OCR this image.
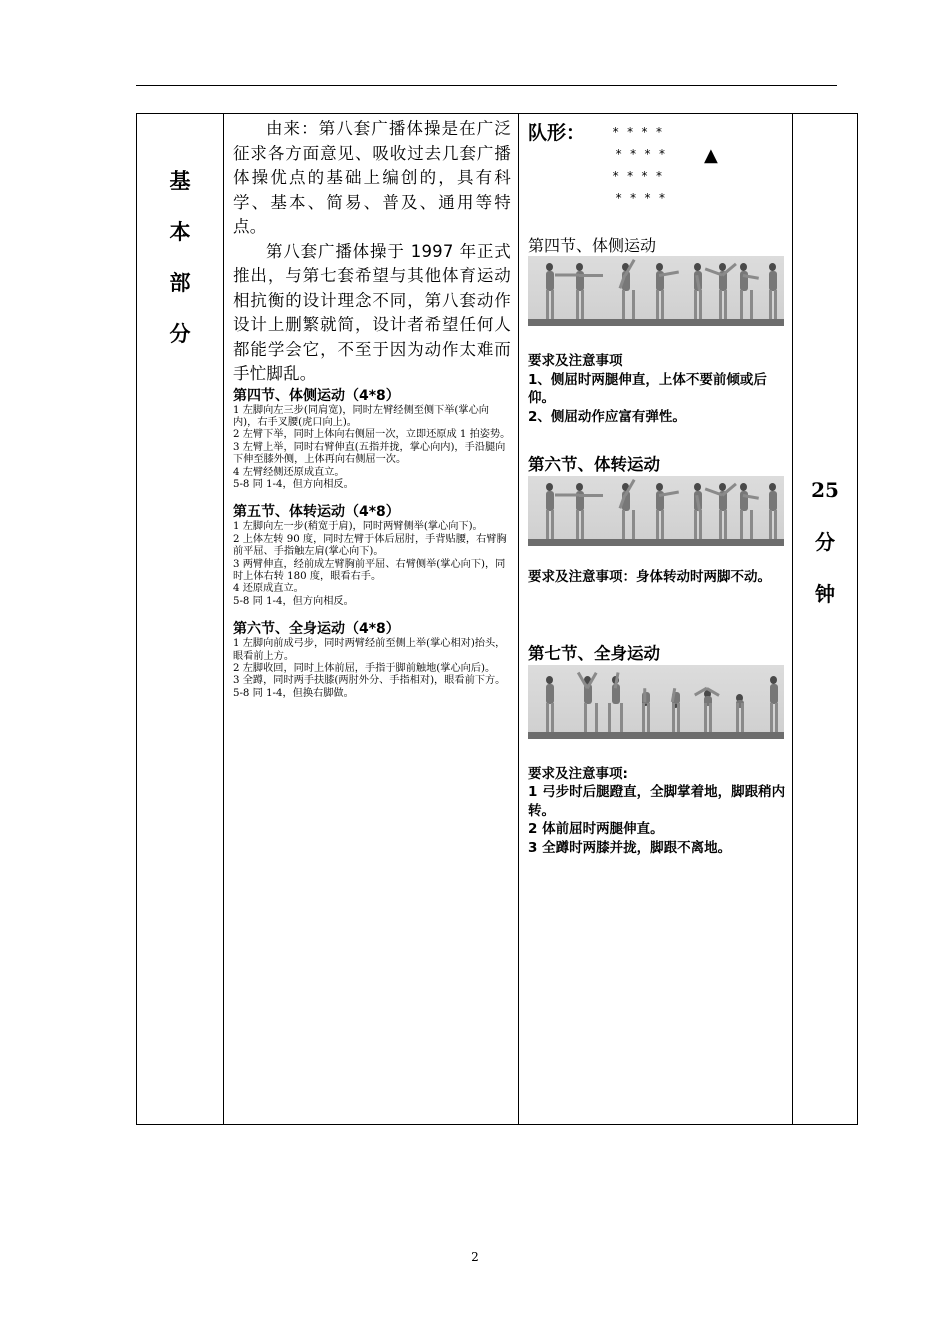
基
本
部
分

由来：第八套广播体操是在广泛征求各方面意见、吸收过去几套广播体操优点的基础上编创的，具有科学、基本、简易、普及、通用等特点。

第八套广播体操于 1997 年正式推出，与第七套希望与其他体育运动相抗衡的设计理念不同，第八套动作设计上删繁就简，设计者希望任何人都能学会它，不至于因为动作太难而手忙脚乱。

第四节、体侧运动（4*8）

1 左脚向左三步(同肩宽)，同时左臂经侧至侧下举(掌心向内)，右手叉腰(虎口向上)。
2 左臂下举，同时上体向右侧屈一次，立即还原成 1 拍姿势。
3 左臂上举，同时右臂伸直(五指并拢，掌心向内)，手沿腿向下伸至膝外侧，上体再向右侧屈一次。
4 左臂经侧还原成直立。
5-8 同 1-4，但方向相反。

第五节、体转运动（4*8）

1 左脚向左一步(稍宽于肩)，同时两臂侧举(掌心向下)。
2 上体左转 90 度，同时左臂于体后屈肘，手背贴腰，右臂胸前平屈、手指触左肩(掌心向下)。
3 两臂伸直，经前成左臂胸前平屈、右臂侧举(掌心向下)，同时上体右转 180 度，眼看右手。
4 还原成直立。
5-8 同 1-4，但方向相反。

第六节、全身运动（4*8）

1 左脚向前成弓步，同时两臂经前至侧上举(掌心相对)抬头，眼看前上方。
2 左脚收回，同时上体前屈，手指于脚前触地(掌心向后)。
3 全蹲，同时两手扶膝(两肘外分、手指相对)，眼看前下方。
5-8 同 1-4，但换右脚做。

队形： * * * *
* * * *
* * * *
* * * *
▲

第四节、体侧运动

要求及注意事项

1、侧屈时两腿伸直，上体不要前倾或后仰。

2、侧屈动作应富有弹性。

第六节、体转运动

要求及注意事项：身体转动时两脚不动。

第七节、全身运动

要求及注意事项:

1 弓步时后腿蹬直，全脚掌着地，脚跟稍内转。

2 体前屈时两腿伸直。

3 全蹲时两膝并拢，脚跟不离地。

25
分
钟
2
